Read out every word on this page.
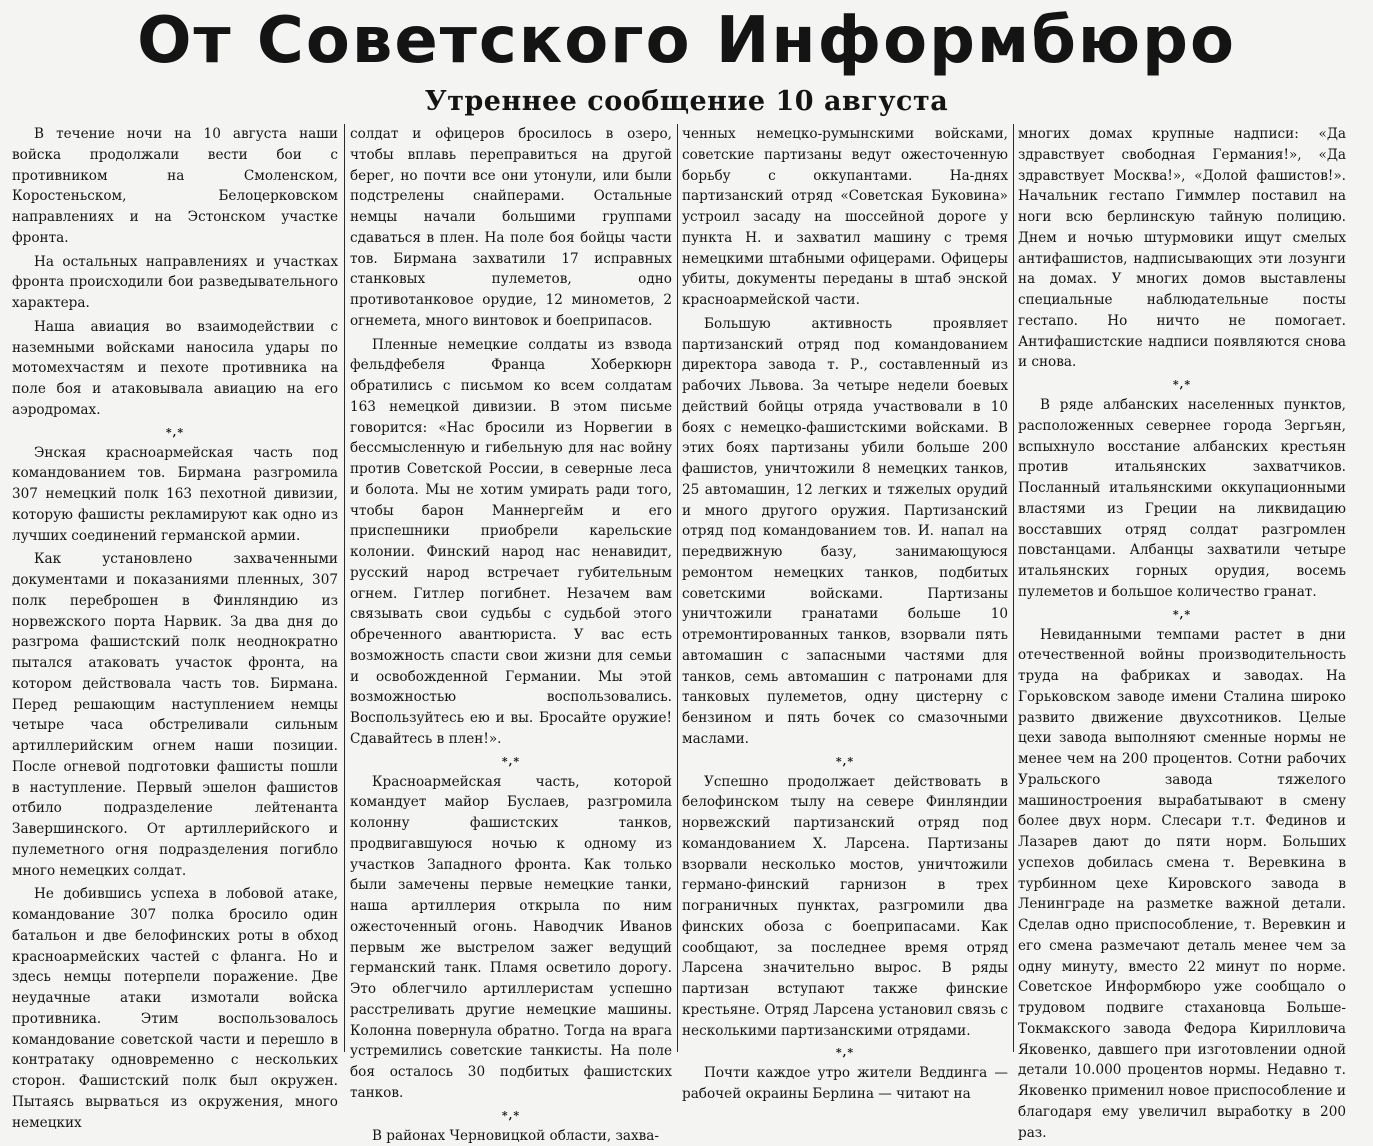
От Советского Информбюро
Утреннее сообщение 10 августа

В течение ночи на 10 августа наши войска продолжали вести бои с противником на Смоленском, Коростеньском, Белоцерковском направлениях и на Эстонском участке фронта.

На остальных направлениях и участках фронта происходили бои разведывательного характера.

Наша авиация во взаимодействии с наземными войсками наносила удары по мотомехчастям и пехоте противника на поле боя и атаковывала авиацию на его аэродромах.

*,*

Энская красноармейская часть под командованием тов. Бирмана разгромила 307 немецкий полк 163 пехотной дивизии, которую фашисты рекламируют как одно из лучших соединений германской армии.

Как установлено захваченными документами и показаниями пленных, 307 полк переброшен в Финляндию из норвежского порта Нарвик. За два дня до разгрома фашистский полк неоднократно пытался атаковать участок фронта, на котором действовала часть тов. Бирмана. Перед решающим наступлением немцы четыре часа обстреливали сильным артиллерийским огнем наши позиции. После огневой подготовки фашисты пошли в наступление. Первый эшелон фашистов отбило подразделение лейтенанта Завершинского. От артиллерийского и пулеметного огня подразделения погибло много немецких солдат.

Не добившись успеха в лобовой атаке, командование 307 полка бросило один батальон и две белофинских роты в обход красноармейских частей с фланга. Но и здесь немцы потерпели поражение. Две неудачные атаки измотали войска противника. Этим воспользовалось командование советской части и перешло в контратаку одновременно с нескольких сторон. Фашистский полк был окружен. Пытаясь вырваться из окружения, много немецких

солдат и офицеров бросилось в озеро, чтобы вплавь переправиться на другой берег, но почти все они утонули, или были подстрелены снайперами. Остальные немцы начали большими группами сдаваться в плен. На поле боя бойцы части тов. Бирмана захватили 17 исправных станковых пулеметов, одно противотанковое орудие, 12 минометов, 2 огнемета, много винтовок и боеприпасов.

Пленные немецкие солдаты из взвода фельдфебеля Франца Хоберкюрн обратились с письмом ко всем солдатам 163 немецкой дивизии. В этом письме говорится: «Нас бросили из Норвегии в бессмысленную и гибельную для нас войну против Советской России, в северные леса и болота. Мы не хотим умирать ради того, чтобы барон Маннергейм и его приспешники приобрели карельские колонии. Финский народ нас ненавидит, русский народ встречает губительным огнем. Гитлер погибнет. Незачем вам связывать свои судьбы с судьбой этого обреченного авантюриста. У вас есть возможность спасти свои жизни для семьи и освобожденной Германии. Мы этой возможностью воспользовались. Воспользуйтесь ею и вы. Бросайте оружие! Сдавайтесь в плен!».

*,*

Красноармейская часть, которой командует майор Буслаев, разгромила колонну фашистских танков, продвигавшуюся ночью к одному из участков Западного фронта. Как только были замечены первые немецкие танки, наша артиллерия открыла по ним ожесточенный огонь. Наводчик Иванов первым же выстрелом зажег ведущий германский танк. Пламя осветило дорогу. Это облегчило артиллеристам успешно расстреливать другие немецкие машины. Колонна повернула обратно. Тогда на врага устремились советские танкисты. На поле боя осталось 30 подбитых фашистских танков.

*,*

В районах Черновицкой области, захва-

ченных немецко-румынскими войсками, советские партизаны ведут ожесточенную борьбу с оккупантами. На-днях партизанский отряд «Советская Буковина» устроил засаду на шоссейной дороге у пункта Н. и захватил машину с тремя немецкими штабными офицерами. Офицеры убиты, документы переданы в штаб энской красноармейской части.

Большую активность проявляет партизанский отряд под командованием директора завода т. Р., составленный из рабочих Львова. За четыре недели боевых действий бойцы отряда участвовали в 10 боях с немецко-фашистскими войсками. В этих боях партизаны убили больше 200 фашистов, уничтожили 8 немецких танков, 25 автомашин, 12 легких и тяжелых орудий и много другого оружия. Партизанский отряд под командованием тов. И. напал на передвижную базу, занимающуюся ремонтом немецких танков, подбитых советскими войсками. Партизаны уничтожили гранатами больше 10 отремонтированных танков, взорвали пять автомашин с запасными частями для танков, семь автомашин с патронами для танковых пулеметов, одну цистерну с бензином и пять бочек со смазочными маслами.

*,*

Успешно продолжает действовать в белофинском тылу на севере Финляндии норвежский партизанский отряд под командованием Х. Ларсена. Партизаны взорвали несколько мостов, уничтожили германо-финский гарнизон в трех пограничных пунктах, разгромили два финских обоза с боеприпасами. Как сообщают, за последнее время отряд Ларсена значительно вырос. В ряды партизан вступают также финские крестьяне. Отряд Ларсена установил связь с несколькими партизанскими отрядами.

*,*

Почти каждое утро жители Веддинга — рабочей окраины Берлина — читают на

многих домах крупные надписи: «Да здравствует свободная Германия!», «Да здравствует Москва!», «Долой фашистов!». Начальник гестапо Гиммлер поставил на ноги всю берлинскую тайную полицию. Днем и ночью штурмовики ищут смелых антифашистов, надписывающих эти лозунги на домах. У многих домов выставлены специальные наблюдательные посты гестапо. Но ничто не помогает. Антифашистские надписи появляются снова и снова.

*,*

В ряде албанских населенных пунктов, расположенных севернее города Зергьян, вспыхнуло восстание албанских крестьян против итальянских захватчиков. Посланный итальянскими оккупационными властями из Греции на ликвидацию восставших отряд солдат разгромлен повстанцами. Албанцы захватили четыре итальянских горных орудия, восемь пулеметов и большое количество гранат.

*,*

Невиданными темпами растет в дни отечественной войны производительность труда на фабриках и заводах. На Горьковском заводе имени Сталина широко развито движение двухсотников. Целые цехи завода выполняют сменные нормы не менее чем на 200 процентов. Сотни рабочих Уральского завода тяжелого машиностроения вырабатывают в смену более двух норм. Слесари т.т. Фединов и Лазарев дают до пяти норм. Больших успехов добилась смена т. Веревкина в турбинном цехе Кировского завода в Ленинграде на разметке важной детали. Сделав одно приспособление, т. Веревкин и его смена размечают деталь менее чем за одну минуту, вместо 22 минут по норме. Советское Информбюро уже сообщало о трудовом подвиге стахановца Больше-Токмакского завода Федора Кирилловича Яковенко, давшего при изготовлении одной детали 10.000 процентов нормы. Недавно т. Яковенко применил новое приспособление и благодаря ему увеличил выработку в 200 раз.
